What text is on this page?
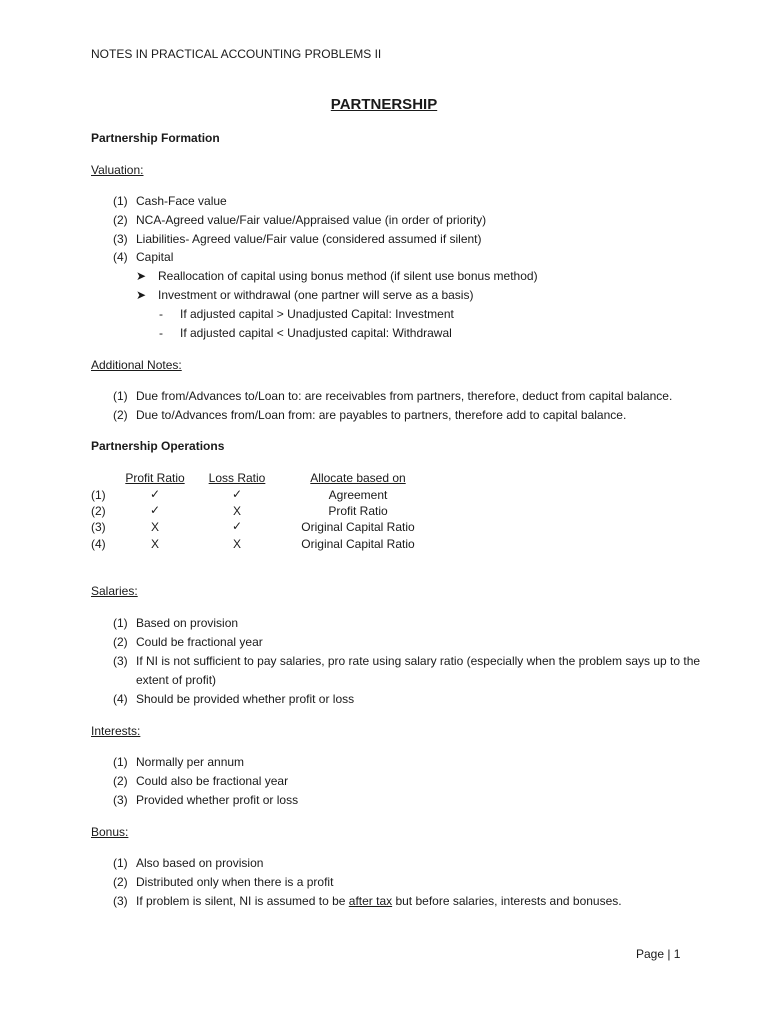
NOTES IN PRACTICAL ACCOUNTING PROBLEMS II
PARTNERSHIP
Partnership Formation
Valuation:
(1) Cash-Face value
(2) NCA-Agreed value/Fair value/Appraised value (in order of priority)
(3) Liabilities- Agreed value/Fair value (considered assumed if silent)
(4) Capital
➤ Reallocation of capital using bonus method (if silent use bonus method)
➤ Investment or withdrawal (one partner will serve as a basis)
- If adjusted capital > Unadjusted Capital: Investment
- If adjusted capital < Unadjusted capital: Withdrawal
Additional Notes:
(1) Due from/Advances to/Loan to: are receivables from partners, therefore, deduct from capital balance.
(2) Due to/Advances from/Loan from: are payables to partners, therefore add to capital balance.
Partnership Operations
Profit Ratio	Loss Ratio	Allocate based on
(1)	✓	✓	Agreement
(2)	✓	X	Profit Ratio
(3)	X	✓	Original Capital Ratio
(4)	X	X	Original Capital Ratio
Salaries:
(1) Based on provision
(2) Could be fractional year
(3) If NI is not sufficient to pay salaries, pro rate using salary ratio (especially when the problem says up to the
extent of profit)
(4) Should be provided whether profit or loss
Interests:
(1) Normally per annum
(2) Could also be fractional year
(3) Provided whether profit or loss
Bonus:
(1) Also based on provision
(2) Distributed only when there is a profit
(3) If problem is silent, NI is assumed to be after tax but before salaries, interests and bonuses.
Page | 1
